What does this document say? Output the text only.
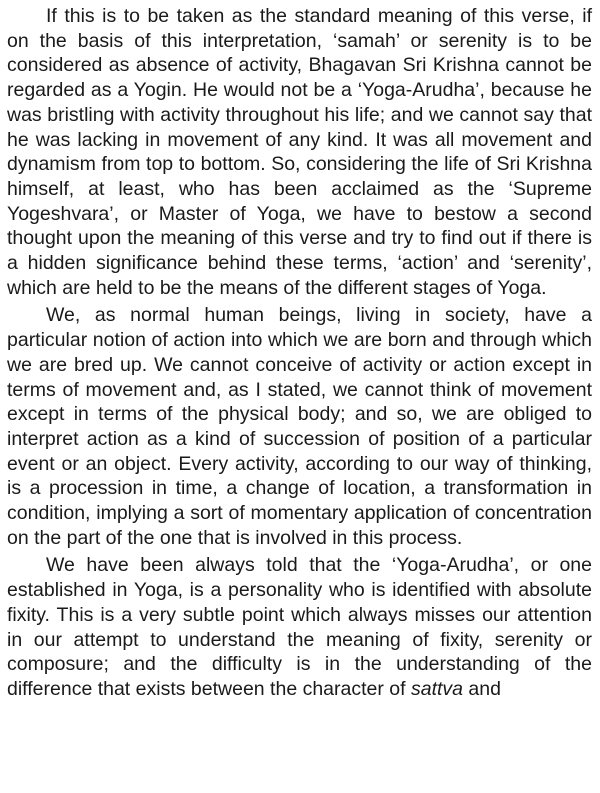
If this is to be taken as the standard meaning of this verse, if on the basis of this interpretation, ‘samah’ or serenity is to be considered as absence of activity, Bhagavan Sri Krishna cannot be regarded as a Yogin. He would not be a ‘Yoga-Arudha’, because he was bristling with activity throughout his life; and we cannot say that he was lacking in movement of any kind. It was all movement and dynamism from top to bottom. So, considering the life of Sri Krishna himself, at least, who has been acclaimed as the ‘Supreme Yogeshvara’, or Master of Yoga, we have to bestow a second thought upon the meaning of this verse and try to find out if there is a hidden significance behind these terms, ‘action’ and ‘serenity’, which are held to be the means of the different stages of Yoga.

We, as normal human beings, living in society, have a particular notion of action into which we are born and through which we are bred up. We cannot conceive of activity or action except in terms of movement and, as I stated, we cannot think of movement except in terms of the physical body; and so, we are obliged to interpret action as a kind of succession of position of a particular event or an object. Every activity, according to our way of thinking, is a procession in time, a change of location, a transformation in condition, implying a sort of momentary application of concentration on the part of the one that is involved in this process.

We have been always told that the ‘Yoga-Arudha’, or one established in Yoga, is a personality who is identified with absolute fixity. This is a very subtle point which always misses our attention in our attempt to understand the meaning of fixity, serenity or composure; and the difficulty is in the understanding of the difference that exists between the character of sattva and
